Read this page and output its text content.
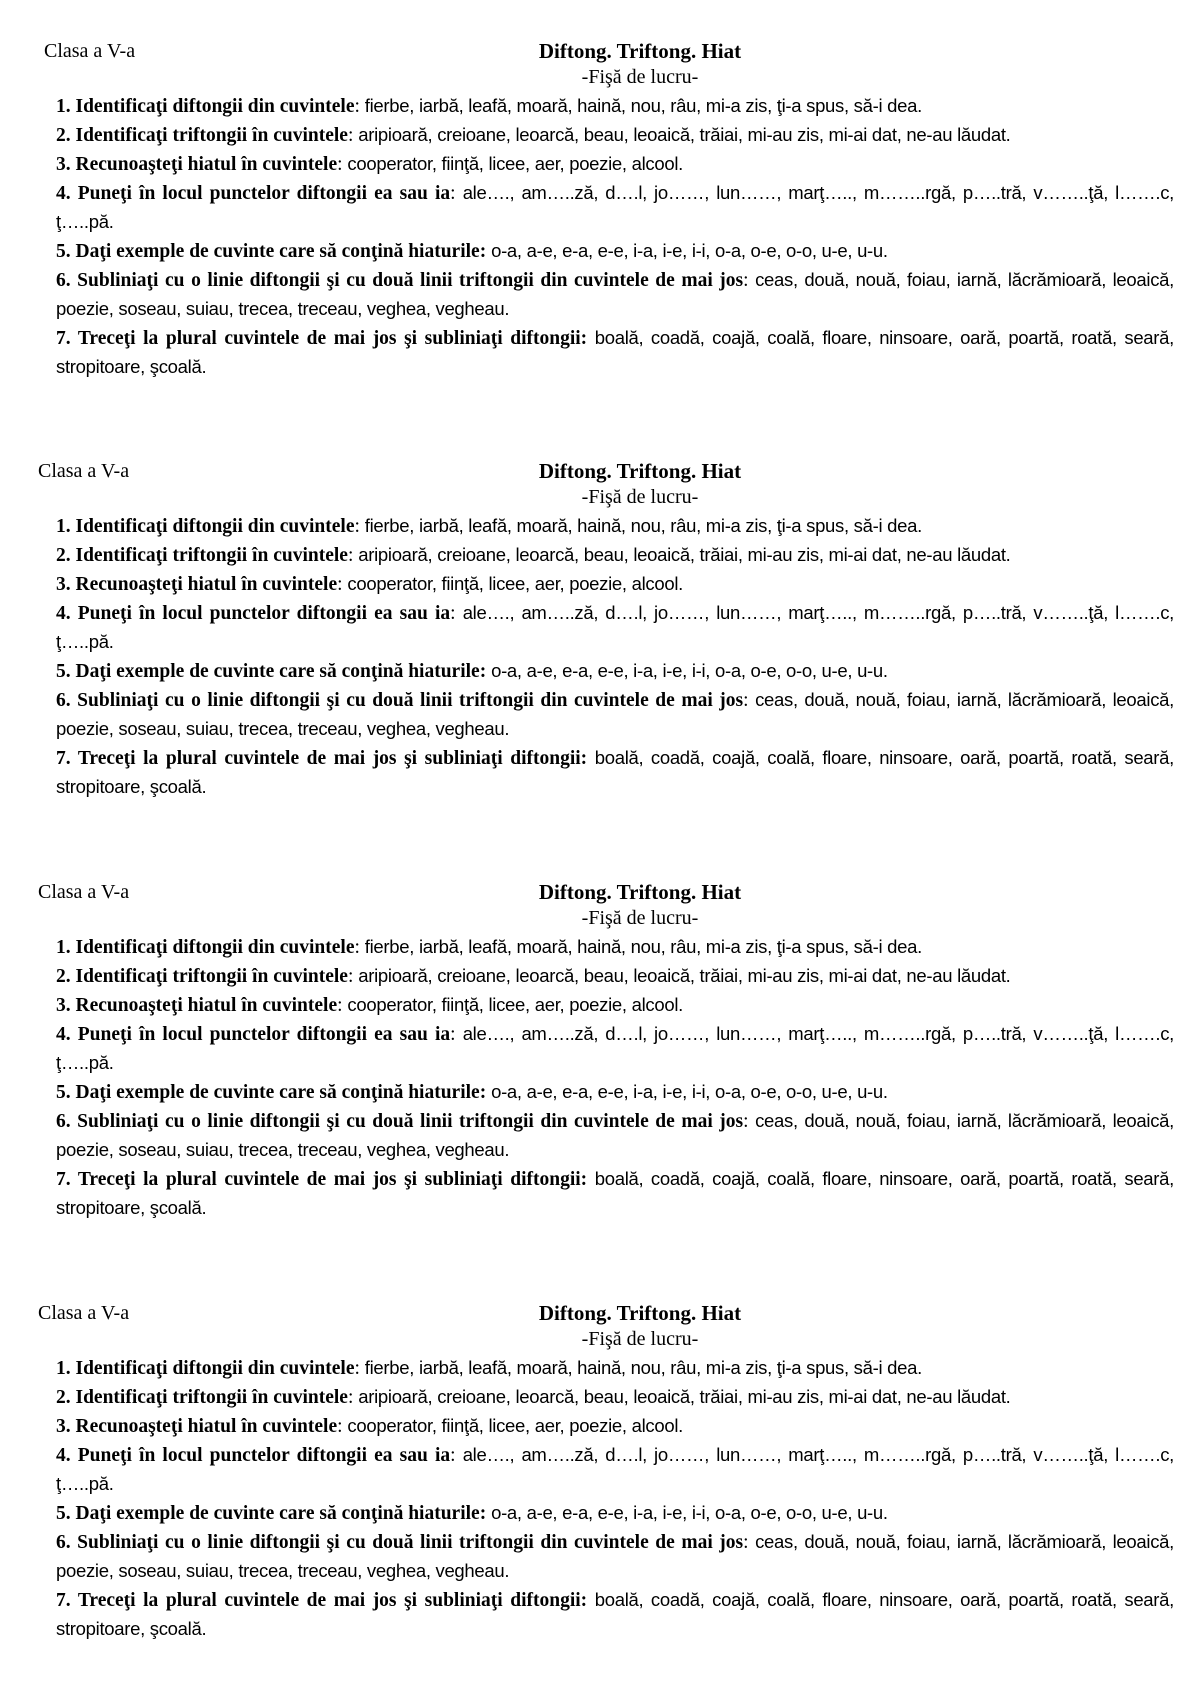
Clasa a V-a	Diftong. Triftong. Hiat
-Fişă de lucru-

1. Identificaţi diftongii din cuvintele: fierbe, iarbă, leafă, moară, haină, nou, râu, mi-a zis, ţi-a spus, să-i dea.

2. Identificaţi triftongii în cuvintele: aripioară, creioane, leoarcă, beau, leoaică, trăiai, mi-au zis, mi-ai dat, ne-au lăudat.

3. Recunoaşteţi hiatul în cuvintele: cooperator, fiinţă, licee, aer, poezie, alcool.

4. Puneţi în locul punctelor diftongii ea sau ia: ale…., am…..ză, d….l, jo……, lun……, marţ….., m……..rgă, p…..tră, v……..ţă, l…….c, ţ…..pă.

5. Daţi exemple de cuvinte care să conţină hiaturile: o-a, a-e, e-a, e-e, i-a, i-e, i-i, o-a, o-e, o-o, u-e, u-u.

6. Subliniaţi cu o linie diftongii şi cu două linii triftongii din cuvintele de mai jos: ceas, două, nouă, foiau, iarnă, lăcrămioară, leoaică, poezie, soseau, suiau, trecea, treceau, veghea, vegheau.

7. Treceţi la plural cuvintele de mai jos şi subliniaţi diftongii: boală, coadă, coajă, coală, floare, ninsoare, oară, poartă, roată, seară, stropitoare, şcoală.

Clasa a V-a	Diftong. Triftong. Hiat
-Fişă de lucru-

1. Identificaţi diftongii din cuvintele: fierbe, iarbă, leafă, moară, haină, nou, râu, mi-a zis, ţi-a spus, să-i dea.

2. Identificaţi triftongii în cuvintele: aripioară, creioane, leoarcă, beau, leoaică, trăiai, mi-au zis, mi-ai dat, ne-au lăudat.

3. Recunoaşteţi hiatul în cuvintele: cooperator, fiinţă, licee, aer, poezie, alcool.

4. Puneţi în locul punctelor diftongii ea sau ia: ale…., am…..ză, d….l, jo……, lun……, marţ….., m……..rgă, p…..tră, v……..ţă, l…….c, ţ…..pă.

5. Daţi exemple de cuvinte care să conţină hiaturile: o-a, a-e, e-a, e-e, i-a, i-e, i-i, o-a, o-e, o-o, u-e, u-u.

6. Subliniaţi cu o linie diftongii şi cu două linii triftongii din cuvintele de mai jos: ceas, două, nouă, foiau, iarnă, lăcrămioară, leoaică, poezie, soseau, suiau, trecea, treceau, veghea, vegheau.

7. Treceţi la plural cuvintele de mai jos şi subliniaţi diftongii: boală, coadă, coajă, coală, floare, ninsoare, oară, poartă, roată, seară, stropitoare, şcoală.

Clasa a V-a	Diftong. Triftong. Hiat
-Fişă de lucru-

1. Identificaţi diftongii din cuvintele: fierbe, iarbă, leafă, moară, haină, nou, râu, mi-a zis, ţi-a spus, să-i dea.

2. Identificaţi triftongii în cuvintele: aripioară, creioane, leoarcă, beau, leoaică, trăiai, mi-au zis, mi-ai dat, ne-au lăudat.

3. Recunoaşteţi hiatul în cuvintele: cooperator, fiinţă, licee, aer, poezie, alcool.

4. Puneţi în locul punctelor diftongii ea sau ia: ale…., am…..ză, d….l, jo……, lun……, marţ….., m……..rgă, p…..tră, v……..ţă, l…….c, ţ…..pă.

5. Daţi exemple de cuvinte care să conţină hiaturile: o-a, a-e, e-a, e-e, i-a, i-e, i-i, o-a, o-e, o-o, u-e, u-u.

6. Subliniaţi cu o linie diftongii şi cu două linii triftongii din cuvintele de mai jos: ceas, două, nouă, foiau, iarnă, lăcrămioară, leoaică, poezie, soseau, suiau, trecea, treceau, veghea, vegheau.

7. Treceţi la plural cuvintele de mai jos şi subliniaţi diftongii: boală, coadă, coajă, coală, floare, ninsoare, oară, poartă, roată, seară, stropitoare, şcoală.

Clasa a V-a	Diftong. Triftong. Hiat
-Fişă de lucru-

1. Identificaţi diftongii din cuvintele: fierbe, iarbă, leafă, moară, haină, nou, râu, mi-a zis, ţi-a spus, să-i dea.

2. Identificaţi triftongii în cuvintele: aripioară, creioane, leoarcă, beau, leoaică, trăiai, mi-au zis, mi-ai dat, ne-au lăudat.

3. Recunoaşteţi hiatul în cuvintele: cooperator, fiinţă, licee, aer, poezie, alcool.

4. Puneţi în locul punctelor diftongii ea sau ia: ale…., am…..ză, d….l, jo……, lun……, marţ….., m……..rgă, p…..tră, v……..ţă, l…….c, ţ…..pă.

5. Daţi exemple de cuvinte care să conţină hiaturile: o-a, a-e, e-a, e-e, i-a, i-e, i-i, o-a, o-e, o-o, u-e, u-u.

6. Subliniaţi cu o linie diftongii şi cu două linii triftongii din cuvintele de mai jos: ceas, două, nouă, foiau, iarnă, lăcrămioară, leoaică, poezie, soseau, suiau, trecea, treceau, veghea, vegheau.

7. Treceţi la plural cuvintele de mai jos şi subliniaţi diftongii: boală, coadă, coajă, coală, floare, ninsoare, oară, poartă, roată, seară, stropitoare, şcoală.
